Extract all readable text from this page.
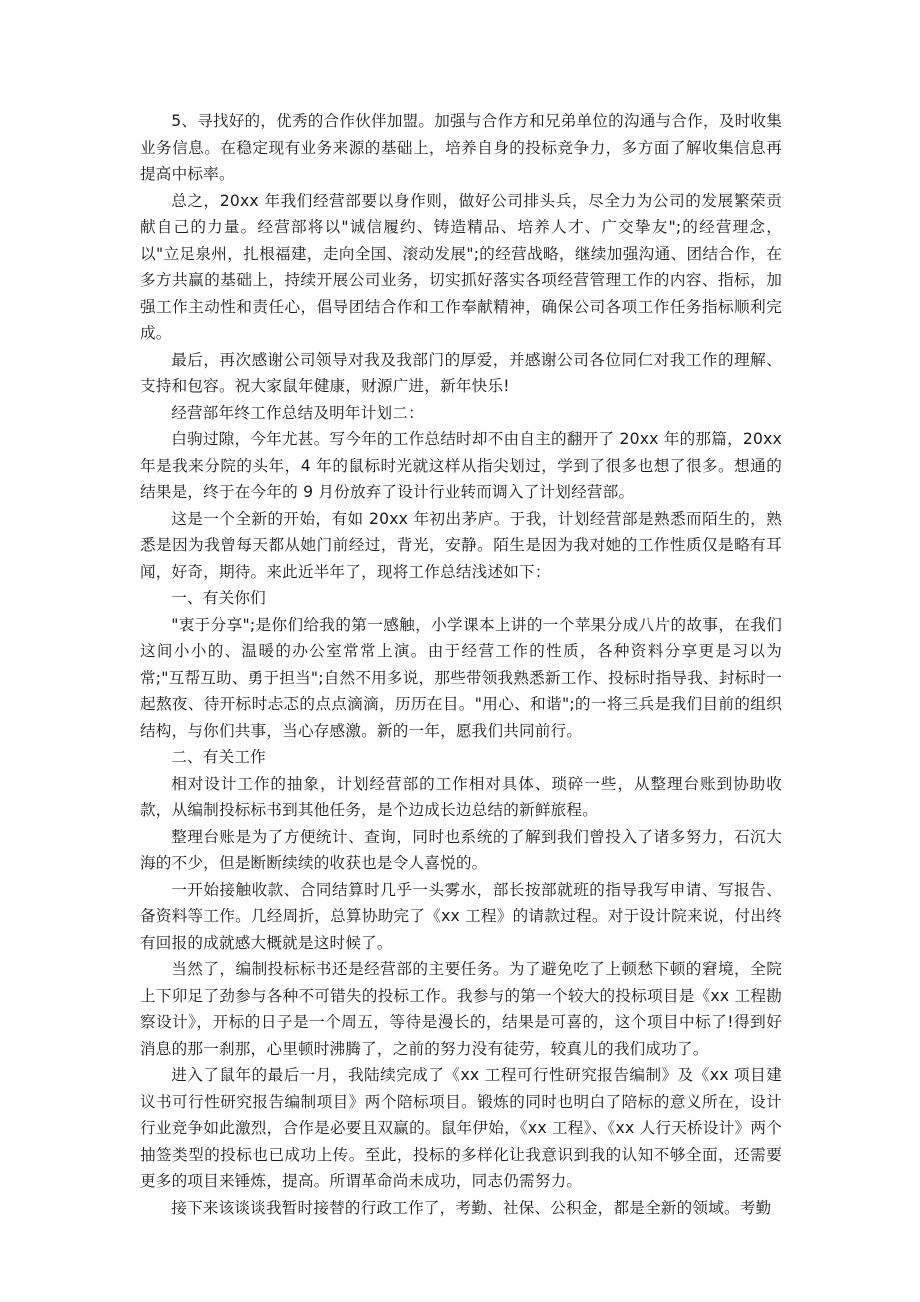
5、寻找好的，优秀的合作伙伴加盟。加强与合作方和兄弟单位的沟通与合作，及时收集业务信息。在稳定现有业务来源的基础上，培养自身的投标竞争力，多方面了解收集信息再提高中标率。

总之，20xx 年我们经营部要以身作则，做好公司排头兵，尽全力为公司的发展繁荣贡献自己的力量。经营部将以"诚信履约、铸造精品、培养人才、广交挚友";的经营理念，以"立足泉州，扎根福建，走向全国、滚动发展";的经营战略，继续加强沟通、团结合作，在多方共赢的基础上，持续开展公司业务，切实抓好落实各项经营管理工作的内容、指标，加强工作主动性和责任心，倡导团结合作和工作奉献精神，确保公司各项工作任务指标顺利完成。

最后，再次感谢公司领导对我及我部门的厚爱，并感谢公司各位同仁对我工作的理解、支持和包容。祝大家鼠年健康，财源广进，新年快乐!

经营部年终工作总结及明年计划二：

白驹过隙，今年尤甚。写今年的工作总结时却不由自主的翻开了 20xx 年的那篇，20xx 年是我来分院的头年，4 年的鼠标时光就这样从指尖划过，学到了很多也想了很多。想通的结果是，终于在今年的 9 月份放弃了设计行业转而调入了计划经营部。

这是一个全新的开始，有如 20xx 年初出茅庐。于我，计划经营部是熟悉而陌生的，熟悉是因为我曾每天都从她门前经过，背光，安静。陌生是因为我对她的工作性质仅是略有耳闻，好奇，期待。来此近半年了，现将工作总结浅述如下：

一、有关你们

"衷于分享";是你们给我的第一感触，小学课本上讲的一个苹果分成八片的故事，在我们这间小小的、温暖的办公室常常上演。由于经营工作的性质，各种资料分享更是习以为常;"互帮互助、勇于担当";自然不用多说，那些带领我熟悉新工作、投标时指导我、封标时一起熬夜、待开标时忐忑的点点滴滴，历历在目。"用心、和谐";的一将三兵是我们目前的组织结构，与你们共事，当心存感激。新的一年，愿我们共同前行。

二、有关工作

相对设计工作的抽象，计划经营部的工作相对具体、琐碎一些，从整理台账到协助收款，从编制投标标书到其他任务，是个边成长边总结的新鲜旅程。

整理台账是为了方便统计、查询，同时也系统的了解到我们曾投入了诸多努力，石沉大海的不少，但是断断续续的收获也是令人喜悦的。

一开始接触收款、合同结算时几乎一头雾水，部长按部就班的指导我写申请、写报告、备资料等工作。几经周折，总算协助完了《xx 工程》的请款过程。对于设计院来说，付出终有回报的成就感大概就是这时候了。

当然了，编制投标标书还是经营部的主要任务。为了避免吃了上顿愁下顿的窘境，全院上下卯足了劲参与各种不可错失的投标工作。我参与的第一个较大的投标项目是《xx 工程勘察设计》，开标的日子是一个周五，等待是漫长的，结果是可喜的，这个项目中标了!得到好消息的那一刹那，心里顿时沸腾了，之前的努力没有徒劳，较真儿的我们成功了。

进入了鼠年的最后一月，我陆续完成了《xx 工程可行性研究报告编制》及《xx 项目建议书可行性研究报告编制项目》两个陪标项目。锻炼的同时也明白了陪标的意义所在，设计行业竞争如此激烈，合作是必要且双赢的。鼠年伊始，《xx 工程》、《xx 人行天桥设计》两个抽签类型的投标也已成功上传。至此，投标的多样化让我意识到我的认知不够全面，还需要更多的项目来锤炼，提高。所谓革命尚未成功，同志仍需努力。

接下来该谈谈我暂时接替的行政工作了，考勤、社保、公积金，都是全新的领域。考勤
